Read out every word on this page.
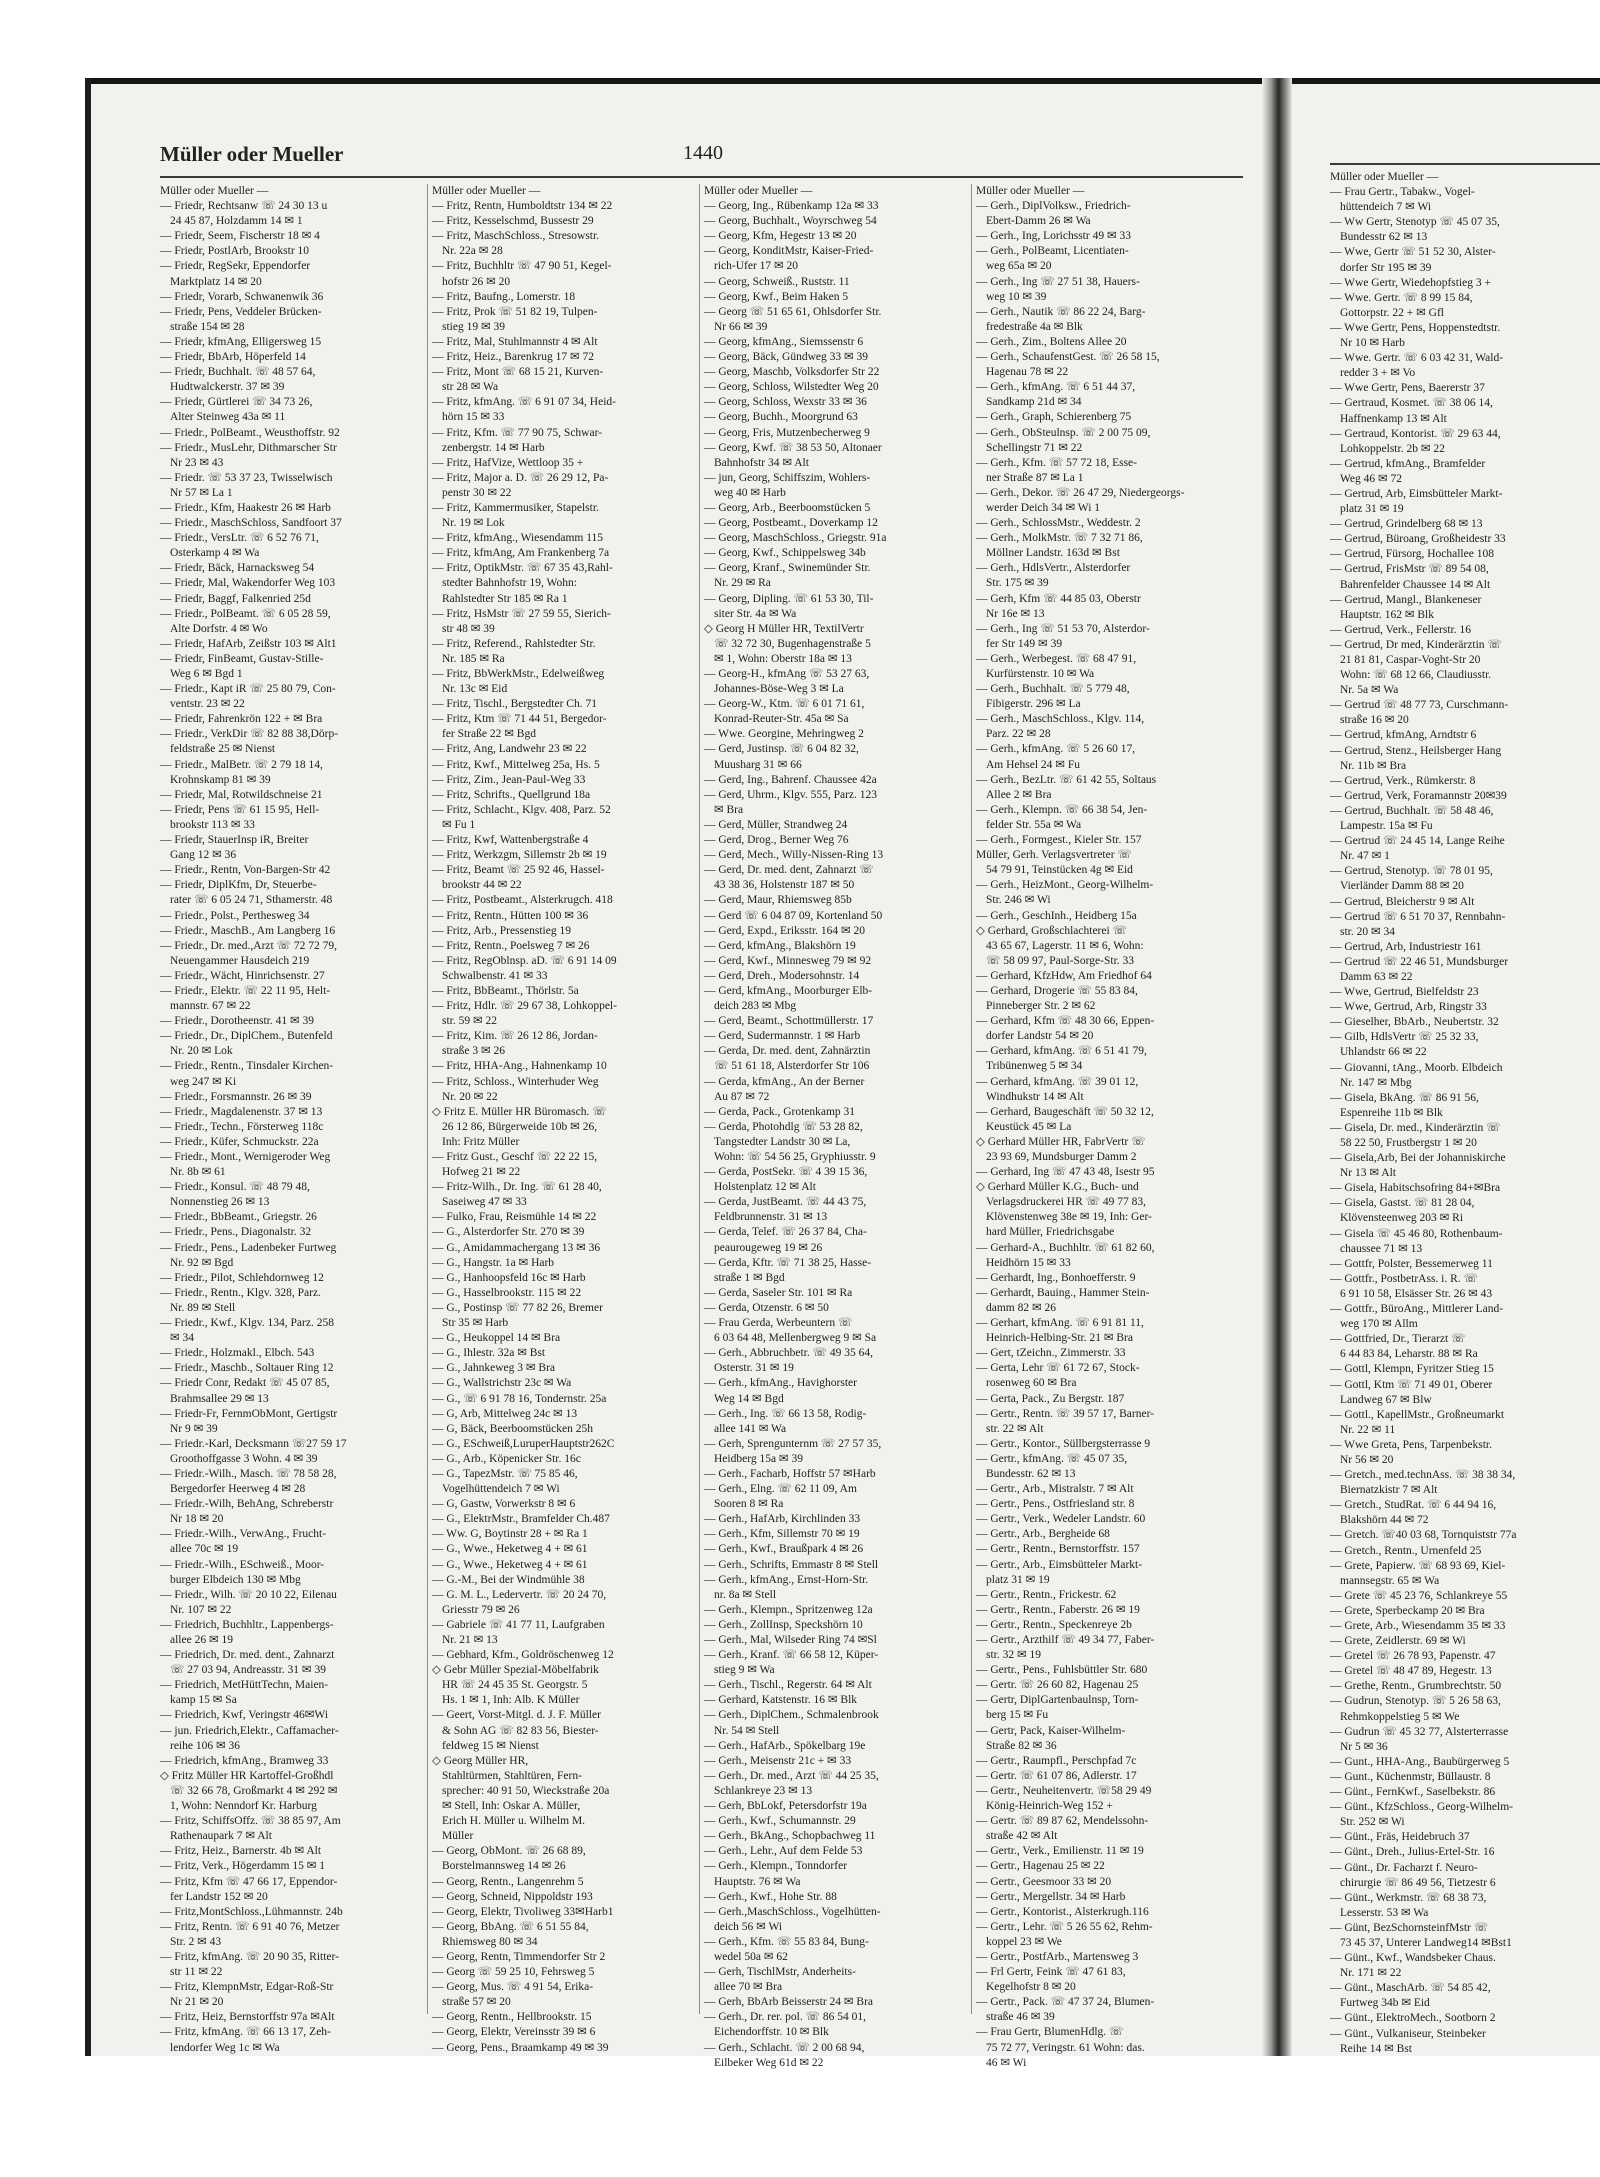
Müller oder Mueller	1440
Müller oder Mueller —
— Friedr, Rechtsanw ☏ 24 30 13 u
24 45 87, Holzdamm 14 ✉ 1
— Friedr, Seem, Fischerstr 18 ✉ 4
— Friedr, PostlArb, Brookstr 10
— Friedr, RegSekr, Eppendorfer
Marktplatz 14 ✉ 20
— Friedr, Vorarb, Schwanenwik 36
— Friedr, Pens, Veddeler Brücken-
straße 154 ✉ 28
— Friedr, kfmAng, Elligersweg 15
— Friedr, BbArb, Höperfeld 14
— Friedr, Buchhalt. ☏ 48 57 64,
Hudtwalckerstr. 37 ✉ 39
— Friedr, Gürtlerei ☏ 34 73 26,
Alter Steinweg 43a ✉ 11
— Friedr., PolBeamt., Weusthoffstr. 92
— Friedr., MusLehr, Dithmarscher Str
Nr 23 ✉ 43
— Friedr. ☏ 53 37 23, Twisselwisch
Nr 57 ✉ La 1
— Friedr., Kfm, Haakestr 26 ✉ Harb
— Friedr., MaschSchloss, Sandfoort 37
— Friedr., VersLtr. ☏ 6 52 76 71,
Osterkamp 4 ✉ Wa
— Friedr, Bäck, Harnacksweg 54
— Friedr, Mal, Wakendorfer Weg 103
— Friedr, Baggf, Falkenried 25d
— Friedr., PolBeamt. ☏ 6 05 28 59,
Alte Dorfstr. 4 ✉ Wo
— Friedr, HafArb, Zeißstr 103 ✉ Alt1
— Friedr, FinBeamt, Gustav-Stille-
Weg 6 ✉ Bgd 1
— Friedr., Kapt iR ☏ 25 80 79, Con-
ventstr. 23 ✉ 22
— Friedr, Fahrenkrön 122 + ✉ Bra
— Friedr., VerkDir ☏ 82 88 38,Dörp-
feldstraße 25 ✉ Nienst
— Friedr., MalBetr. ☏ 2 79 18 14,
Krohnskamp 81 ✉ 39
— Friedr, Mal, Rotwildschneise 21
— Friedr, Pens ☏ 61 15 95, Hell-
brookstr 113 ✉ 33
— Friedr, StauerInsp iR, Breiter
Gang 12 ✉ 36
— Friedr., Rentn, Von-Bargen-Str 42
— Friedr, DiplKfm, Dr, Steuerbe-
rater ☏ 6 05 24 71, Sthamerstr. 48
— Friedr., Polst., Perthesweg 34
— Friedr., MaschB., Am Langberg 16
— Friedr., Dr. med.,Arzt ☏ 72 72 79,
Neuengammer Hausdeich 219
— Friedr., Wächt, Hinrichsenstr. 27
— Friedr., Elektr. ☏ 22 11 95, Helt-
mannstr. 67 ✉ 22
— Friedr., Dorotheenstr. 41 ✉ 39
— Friedr., Dr., DiplChem., Butenfeld
Nr. 20 ✉ Lok
— Friedr., Rentn., Tinsdaler Kirchen-
weg 247 ✉ Ki
— Friedr., Forsmannstr. 26 ✉ 39
— Friedr., Magdalenenstr. 37 ✉ 13
— Friedr., Techn., Försterweg 118c
— Friedr., Küfer, Schmuckstr. 22a
— Friedr., Mont., Wernigeroder Weg
Nr. 8b ✉ 61
— Friedr., Konsul. ☏ 48 79 48,
Nonnenstieg 26 ✉ 13
— Friedr., BbBeamt., Griegstr. 26
— Friedr., Pens., Diagonalstr. 32
— Friedr., Pens., Ladenbeker Furtweg
Nr. 92 ✉ Bgd
— Friedr., Pilot, Schlehdornweg 12
— Friedr., Rentn., Klgv. 328, Parz.
Nr. 89 ✉ Stell
— Friedr., Kwf., Klgv. 134, Parz. 258
✉ 34
— Friedr., Holzmakl., Elbch. 543
— Friedr., Maschb., Soltauer Ring 12
— Friedr Conr, Redakt ☏ 45 07 85,
Brahmsallee 29 ✉ 13
— Friedr-Fr, FernmObMont, Gertigstr
Nr 9 ✉ 39
— Friedr.-Karl, Decksmann ☏27 59 17
Groothoffgasse 3 Wohn. 4 ✉ 39
— Friedr.-Wilh., Masch. ☏ 78 58 28,
Bergedorfer Heerweg 4 ✉ 28
— Friedr.-Wilh, BehAng, Schreberstr
Nr 18 ✉ 20
— Friedr.-Wilh., VerwAng., Frucht-
allee 70c ✉ 19
— Friedr.-Wilh., ESchweiß., Moor-
burger Elbdeich 130 ✉ Mbg
— Friedr., Wilh. ☏ 20 10 22, Eilenau
Nr. 107 ✉ 22
— Friedrich, Buchhltr., Lappenbergs-
allee 26 ✉ 19
— Friedrich, Dr. med. dent., Zahnarzt
☏ 27 03 94, Andreasstr. 31 ✉ 39
— Friedrich, MetHüttTechn, Maien-
kamp 15 ✉ Sa
— Friedrich, Kwf, Veringstr 46✉Wi
— jun. Friedrich,Elektr., Caffamacher-
reihe 106 ✉ 36
— Friedrich, kfmAng., Bramweg 33
◇ Fritz Müller HR Kartoffel-Großhdl
☏ 32 66 78, Großmarkt 4 ✉ 292 ✉
1, Wohn: Nenndorf Kr. Harburg
— Fritz, SchiffsOffz. ☏ 38 85 97, Am
Rathenaupark 7 ✉ Alt
— Fritz, Heiz., Barnerstr. 4b ✉ Alt
— Fritz, Verk., Högerdamm 15 ✉ 1
— Fritz, Kfm ☏ 47 66 17, Eppendor-
fer Landstr 152 ✉ 20
— Fritz,MontSchloss.,Lühmannstr. 24b
— Fritz, Rentn. ☏ 6 91 40 76, Metzer
Str. 2 ✉ 43
— Fritz, kfmAng. ☏ 20 90 35, Ritter-
str 11 ✉ 22
— Fritz, KlempnMstr, Edgar-Roß-Str
Nr 21 ✉ 20
— Fritz, Heiz, Bernstorffstr 97a ✉Alt
— Fritz, kfmAng. ☏ 66 13 17, Zeh-
lendorfer Weg 1c ✉ Wa
Müller oder Mueller —
— Fritz, Rentn, Humboldtstr 134 ✉ 22
— Fritz, Kesselschmd, Bussestr 29
— Fritz, MaschSchloss., Stresowstr.
Nr. 22a ✉ 28
— Fritz, Buchhltr ☏ 47 90 51, Kegel-
hofstr 26 ✉ 20
— Fritz, Baufng., Lomerstr. 18
— Fritz, Prok ☏ 51 82 19, Tulpen-
stieg 19 ✉ 39
— Fritz, Mal, Stuhlmannstr 4 ✉ Alt
— Fritz, Heiz., Barenkrug 17 ✉ 72
— Fritz, Mont ☏ 68 15 21, Kurven-
str 28 ✉ Wa
— Fritz, kfmAng. ☏ 6 91 07 34, Heid-
hörn 15 ✉ 33
— Fritz, Kfm. ☏ 77 90 75, Schwar-
zenbergstr. 14 ✉ Harb
— Fritz, HafVize, Wettloop 35 +
— Fritz, Major a. D. ☏ 26 29 12, Pa-
penstr 30 ✉ 22
— Fritz, Kammermusiker, Stapelstr.
Nr. 19 ✉ Lok
— Fritz, kfmAng., Wiesendamm 115
— Fritz, kfmAng, Am Frankenberg 7a
— Fritz, OptikMstr. ☏ 67 35 43,Rahl-
stedter Bahnhofstr 19, Wohn:
Rahlstedter Str 185 ✉ Ra 1
— Fritz, HsMstr ☏ 27 59 55, Sierich-
str 48 ✉ 39
— Fritz, Referend., Rahlstedter Str.
Nr. 185 ✉ Ra
— Fritz, BbWerkMstr., Edelweißweg
Nr. 13c ✉ Eid
— Fritz, Tischl., Bergstedter Ch. 71
— Fritz, Ktm ☏ 71 44 51, Bergedor-
fer Straße 22 ✉ Bgd
— Fritz, Ang, Landwehr 23 ✉ 22
— Fritz, Kwf., Mittelweg 25a, Hs. 5
— Fritz, Zim., Jean-Paul-Weg 33
— Fritz, Schrifts., Quellgrund 18a
— Fritz, Schlacht., Klgv. 408, Parz. 52
✉ Fu 1
— Fritz, Kwf, Wattenbergstraße 4
— Fritz, Werkzgm, Sillemstr 2b ✉ 19
— Fritz, Beamt ☏ 25 92 46, Hassel-
brookstr 44 ✉ 22
— Fritz, Postbeamt., Alsterkrugch. 418
— Fritz, Rentn., Hütten 100 ✉ 36
— Fritz, Arb., Pressenstieg 19
— Fritz, Rentn., Poelsweg 7 ✉ 26
— Fritz, RegOblnsp. aD. ☏ 6 91 14 09
Schwalbenstr. 41 ✉ 33
— Fritz, BbBeamt., Thörlstr. 5a
— Fritz, Hdlr. ☏ 29 67 38, Lohkoppel-
str. 59 ✉ 22
— Fritz, Kim. ☏ 26 12 86, Jordan-
straße 3 ✉ 26
— Fritz, HHA-Ang., Hahnenkamp 10
— Fritz, Schloss., Winterhuder Weg
Nr. 20 ✉ 22
◇ Fritz E. Müller HR Büromasch. ☏
26 12 86, Bürgerweide 10b ✉ 26,
Inh: Fritz Müller
— Fritz Gust., Geschf ☏ 22 22 15,
Hofweg 21 ✉ 22
— Fritz-Wilh., Dr. Ing. ☏ 61 28 40,
Saseiweg 47 ✉ 33
— Fulko, Frau, Reismühle 14 ✉ 22
— G., Alsterdorfer Str. 270 ✉ 39
— G., Amidammachergang 13 ✉ 36
— G., Hangstr. 1a ✉ Harb
— G., Hanhoopsfeld 16c ✉ Harb
— G., Hasselbrookstr. 115 ✉ 22
— G., Postinsp ☏ 77 82 26, Bremer
Str 35 ✉ Harb
— G., Heukoppel 14 ✉ Bra
— G., Ihlestr. 32a ✉ Bst
— G., Jahnkeweg 3 ✉ Bra
— G., Wallstrichstr 23c ✉ Wa
— G., ☏ 6 91 78 16, Tondernstr. 25a
— G, Arb, Mittelweg 24c ✉ 13
— G, Bäck, Beerboomstücken 25h
— G., ESchweiß,LuruperHauptstr262C
— G., Arb., Köpenicker Str. 16c
— G., TapezMstr. ☏ 75 85 46,
Vogelhüttendeich 7 ✉ Wi
— G, Gastw, Vorwerkstr 8 ✉ 6
— G., ElektrMstr., Bramfelder Ch.487
— Ww. G, Boytinstr 28 + ✉ Ra 1
— G., Wwe., Heketweg 4 + ✉ 61
— G., Wwe., Heketweg 4 + ✉ 61
— G.-M., Bei der Windmühle 38
— G. M. L., Ledervertr. ☏ 20 24 70,
Griesstr 79 ✉ 26
— Gabriele ☏ 41 77 11, Laufgraben
Nr. 21 ✉ 13
— Gebhard, Kfm., Goldröschenweg 12
◇ Gebr Müller Spezial-Möbelfabrik
HR ☏ 24 45 35 St. Georgstr. 5
Hs. 1 ✉ 1, Inh: Alb. K Müller
— Geert, Vorst-Mitgl. d. J. F. Müller
& Sohn AG ☏ 82 83 56, Biester-
feldweg 15 ✉ Nienst
◇ Georg Müller HR,
Stahltürmen, Stahltüren, Fern-
sprecher: 40 91 50, Wieckstraße 20a
✉ Stell, Inh: Oskar A. Müller,
Erich H. Müller u. Wilhelm M.
Müller
— Georg, ObMont. ☏ 26 68 89,
Borstelmannsweg 14 ✉ 26
— Georg, Rentn., Langenrehm 5
— Georg, Schneid, Nippoldstr 193
— Georg, Elektr, Tivoliweg 33✉Harb1
— Georg, BbAng. ☏ 6 51 55 84,
Rhiemsweg 80 ✉ 34
— Georg, Rentn, Timmendorfer Str 2
— Georg ☏ 59 25 10, Fehrsweg 5
— Georg, Mus. ☏ 4 91 54, Erika-
straße 57 ✉ 20
— Georg, Rentn., Hellbrookstr. 15
— Georg, Elektr, Vereinsstr 39 ✉ 6
— Georg, Pens., Braamkamp 49 ✉ 39
Müller oder Mueller —
— Georg, Ing., Rübenkamp 12a ✉ 33
— Georg, Buchhalt., Woyrschweg 54
— Georg, Kfm, Hegestr 13 ✉ 20
— Georg, KonditMstr, Kaiser-Fried-
rich-Ufer 17 ✉ 20
— Georg, Schweiß., Ruststr. 11
— Georg, Kwf., Beim Haken 5
— Georg ☏ 51 65 61, Ohlsdorfer Str.
Nr 66 ✉ 39
— Georg, kfmAng., Siemssenstr 6
— Georg, Bäck, Gündweg 33 ✉ 39
— Georg, Maschb, Volksdorfer Str 22
— Georg, Schloss, Wilstedter Weg 20
— Georg, Schloss, Wexstr 33 ✉ 36
— Georg, Buchh., Moorgrund 63
— Georg, Fris, Mutzenbecherweg 9
— Georg, Kwf. ☏ 38 53 50, Altonaer
Bahnhofstr 34 ✉ Alt
— jun, Georg, Schiffszim, Wohlers-
weg 40 ✉ Harb
— Georg, Arb., Beerboomstücken 5
— Georg, Postbeamt., Doverkamp 12
— Georg, MaschSchloss., Griegstr. 91a
— Georg, Kwf., Schippelsweg 34b
— Georg, Kranf., Swinemünder Str.
Nr. 29 ✉ Ra
— Georg, Dipling. ☏ 61 53 30, Til-
siter Str. 4a ✉ Wa
◇ Georg H Müller HR, TextilVertr
☏ 32 72 30, Bugenhagenstraße 5
✉ 1, Wohn: Oberstr 18a ✉ 13
— Georg-H., kfmAng ☏ 53 27 63,
Johannes-Böse-Weg 3 ✉ La
— Georg-W., Ktm. ☏ 6 01 71 61,
Konrad-Reuter-Str. 45a ✉ Sa
— Wwe. Georgine, Mehringweg 2
— Gerd, Justinsp. ☏ 6 04 82 32,
Muusharg 31 ✉ 66
— Gerd, Ing., Bahrenf. Chaussee 42a
— Gerd, Uhrm., Klgv. 555, Parz. 123
✉ Bra
— Gerd, Müller, Strandweg 24
— Gerd, Drog., Berner Weg 76
— Gerd, Mech., Willy-Nissen-Ring 13
— Gerd, Dr. med. dent, Zahnarzt ☏
43 38 36, Holstenstr 187 ✉ 50
— Gerd, Maur, Rhiemsweg 85b
— Gerd ☏ 6 04 87 09, Kortenland 50
— Gerd, Expd., Eriksstr. 164 ✉ 20
— Gerd, kfmAng., Blakshörn 19
— Gerd, Kwf., Minnesweg 79 ✉ 92
— Gerd, Dreh., Modersohnstr. 14
— Gerd, kfmAng., Moorburger Elb-
deich 283 ✉ Mbg
— Gerd, Beamt., Schottmüllerstr. 17
— Gerd, Sudermannstr. 1 ✉ Harb
— Gerda, Dr. med. dent, Zahnärztin
☏ 51 61 18, Alsterdorfer Str 106
— Gerda, kfmAng., An der Berner
Au 87 ✉ 72
— Gerda, Pack., Grotenkamp 31
— Gerda, Photohdlg ☏ 53 28 82,
Tangstedter Landstr 30 ✉ La,
Wohn: ☏ 54 56 25, Gryphiusstr. 9
— Gerda, PostSekr. ☏ 4 39 15 36,
Holstenplatz 12 ✉ Alt
— Gerda, JustBeamt. ☏ 44 43 75,
Feldbrunnenstr. 31 ✉ 13
— Gerda, Telef. ☏ 26 37 84, Cha-
peaurougeweg 19 ✉ 26
— Gerda, Kftr. ☏ 71 38 25, Hasse-
straße 1 ✉ Bgd
— Gerda, Saseler Str. 101 ✉ Ra
— Gerda, Otzenstr. 6 ✉ 50
— Frau Gerda, Werbeuntern ☏
6 03 64 48, Mellenbergweg 9 ✉ Sa
— Gerh., Abbruchbetr. ☏ 49 35 64,
Osterstr. 31 ✉ 19
— Gerh., kfmAng., Havighorster
Weg 14 ✉ Bgd
— Gerh., Ing. ☏ 66 13 58, Rodig-
allee 141 ✉ Wa
— Gerh, Sprengunternm ☏ 27 57 35,
Heidberg 15a ✉ 39
— Gerh., Facharb, Hoffstr 57 ✉Harb
— Gerh., Elng. ☏ 62 11 09, Am
Sooren 8 ✉ Ra
— Gerh., HafArb, Kirchlinden 33
— Gerh., Kfm, Sillemstr 70 ✉ 19
— Gerh., Kwf., Braußpark 4 ✉ 26
— Gerh., Schrifts, Emmastr 8 ✉ Stell
— Gerh., kfmAng., Ernst-Horn-Str.
nr. 8a ✉ Stell
— Gerh., Klempn., Spritzenweg 12a
— Gerh., ZollInsp, Speckshörn 10
— Gerh., Mal, Wilseder Ring 74 ✉Sl
— Gerh., Kranf. ☏ 66 58 12, Küper-
stieg 9 ✉ Wa
— Gerh., Tischl., Regerstr. 64 ✉ Alt
— Gerhard, Katstenstr. 16 ✉ Blk
— Gerh., DiplChem., Schmalenbrook
Nr. 54 ✉ Stell
— Gerh., HafArb., Spökelbarg 19e
— Gerh., Meisenstr 21c + ✉ 33
— Gerh., Dr. med., Arzt ☏ 44 25 35,
Schlankreye 23 ✉ 13
— Gerh, BbLokf, Petersdorfstr 19a
— Gerh., Kwf., Schumannstr. 29
— Gerh., BkAng., Schopbachweg 11
— Gerh., Lehr., Auf dem Felde 53
— Gerh., Klempn., Tonndorfer
Hauptstr. 76 ✉ Wa
— Gerh., Kwf., Hohe Str. 88
— Gerh.,MaschSchloss., Vogelhütten-
deich 56 ✉ Wi
— Gerh., Kfm. ☏ 55 83 84, Bung-
wedel 50a ✉ 62
— Gerh, TischlMstr, Anderheits-
allee 70 ✉ Bra
— Gerh, BbArb Beisserstr 24 ✉ Bra
— Gerh., Dr. rer. pol. ☏ 86 54 01,
Eichendorffstr. 10 ✉ Blk
— Gerh., Schlacht. ☏ 2 00 68 94,
Eilbeker Weg 61d ✉ 22
Müller oder Mueller —
— Gerh., DiplVolksw., Friedrich-
Ebert-Damm 26 ✉ Wa
— Gerh., Ing, Lorichsstr 49 ✉ 33
— Gerh., PolBeamt, Licentiaten-
weg 65a ✉ 20
— Gerh., Ing ☏ 27 51 38, Hauers-
weg 10 ✉ 39
— Gerh., Nautik ☏ 86 22 24, Barg-
fredestraße 4a ✉ Blk
— Gerh., Zim., Boltens Allee 20
— Gerh., SchaufenstGest. ☏ 26 58 15,
Hagenau 78 ✉ 22
— Gerh., kfmAng. ☏ 6 51 44 37,
Sandkamp 21d ✉ 34
— Gerh., Graph, Schierenberg 75
— Gerh., ObSteulnsp. ☏ 2 00 75 09,
Schellingstr 71 ✉ 22
— Gerh., Kfm. ☏ 57 72 18, Esse-
ner Straße 87 ✉ La 1
— Gerh., Dekor. ☏ 26 47 29, Niedergeorgs-
werder Deich 34 ✉ Wi 1
— Gerh., SchlossMstr., Weddestr. 2
— Gerh., MolkMstr. ☏ 7 32 71 86,
Möllner Landstr. 163d ✉ Bst
— Gerh., HdlsVertr., Alsterdorfer
Str. 175 ✉ 39
— Gerh, Kfm ☏ 44 85 03, Oberstr
Nr 16e ✉ 13
— Gerh., Ing ☏ 51 53 70, Alsterdor-
fer Str 149 ✉ 39
— Gerh., Werbegest. ☏ 68 47 91,
Kurfürstenstr. 10 ✉ Wa
— Gerh., Buchhalt. ☏ 5 779 48,
Fibigerstr. 296 ✉ La
— Gerh., MaschSchloss., Klgv. 114,
Parz. 22 ✉ 28
— Gerh., kfmAng. ☏ 5 26 60 17,
Am Hehsel 24 ✉ Fu
— Gerh., BezLtr. ☏ 61 42 55, Soltaus
Allee 2 ✉ Bra
— Gerh., Klempn. ☏ 66 38 54, Jen-
felder Str. 55a ✉ Wa
— Gerh., Formgest., Kieler Str. 157
Müller, Gerh. Verlagsvertreter ☏
54 79 91, Teinstücken 4g ✉ Eid
— Gerh., HeizMont., Georg-Wilhelm-
Str. 246 ✉ Wi
— Gerh., GeschInh., Heidberg 15a
◇ Gerhard, Großschlachterei ☏
43 65 67, Lagerstr. 11 ✉ 6, Wohn:
☏ 58 09 97, Paul-Sorge-Str. 33
— Gerhard, KfzHdw, Am Friedhof 64
— Gerhard, Drogerie ☏ 55 83 84,
Pinneberger Str. 2 ✉ 62
— Gerhard, Kfm ☏ 48 30 66, Eppen-
dorfer Landstr 54 ✉ 20
— Gerhard, kfmAng. ☏ 6 51 41 79,
Tribünenweg 5 ✉ 34
— Gerhard, kfmAng. ☏ 39 01 12,
Windhukstr 14 ✉ Alt
— Gerhard, Baugeschäft ☏ 50 32 12,
Keustück 45 ✉ La
◇ Gerhard Müller HR, FabrVertr ☏
23 93 69, Mundsburger Damm 2
— Gerhard, Ing ☏ 47 43 48, Isestr 95
◇ Gerhard Müller K.G., Buch- und
Verlagsdruckerei HR ☏ 49 77 83,
Klövenstenweg 38e ✉ 19, Inh: Ger-
hard Müller, Friedrichsgabe
— Gerhard-A., Buchhltr. ☏ 61 82 60,
Heidhörn 15 ✉ 33
— Gerhardt, Ing., Bonhoefferstr. 9
— Gerhardt, Bauing., Hammer Stein-
damm 82 ✉ 26
— Gerhart, kfmAng. ☏ 6 91 81 11,
Heinrich-Helbing-Str. 21 ✉ Bra
— Gert, tZeichn., Zimmerstr. 33
— Gerta, Lehr ☏ 61 72 67, Stock-
rosenweg 60 ✉ Bra
— Gerta, Pack., Zu Bergstr. 187
— Gertr., Rentn. ☏ 39 57 17, Barner-
str. 22 ✉ Alt
— Gertr., Kontor., Süllbergsterrasse 9
— Gertr., kfmAng. ☏ 45 07 35,
Bundesstr. 62 ✉ 13
— Gertr., Arb., Mistralstr. 7 ✉ Alt
— Gertr., Pens., Ostfriesland str. 8
— Gertr., Verk., Wedeler Landstr. 60
— Gertr., Arb., Bergheide 68
— Gertr., Rentn., Bernstorffstr. 157
— Gertr., Arb., Eimsbütteler Markt-
platz 31 ✉ 19
— Gertr., Rentn., Frickestr. 62
— Gertr., Rentn., Faberstr. 26 ✉ 19
— Gertr., Rentn., Speckenreye 2b
— Gertr., Arzthilf ☏ 49 34 77, Faber-
str. 32 ✉ 19
— Gertr., Pens., Fuhlsbüttler Str. 680
— Gertr. ☏ 26 60 82, Hagenau 25
— Gertr, DiplGartenbaulnsp, Torn-
berg 15 ✉ Fu
— Gertr, Pack, Kaiser-Wilhelm-
Straße 82 ✉ 36
— Gertr., Raumpfl., Perschpfad 7c
— Gertr. ☏ 61 07 86, Adlerstr. 17
— Gertr., Neuheitenvertr. ☏58 29 49
König-Heinrich-Weg 152 +
— Gertr. ☏ 89 87 62, Mendelssohn-
straße 42 ✉ Alt
— Gertr., Verk., Emilienstr. 11 ✉ 19
— Gertr., Hagenau 25 ✉ 22
— Gertr., Geesmoor 33 ✉ 20
— Gertr., Mergellstr. 34 ✉ Harb
— Gertr., Kontorist., Alsterkrugh.116
— Gertr., Lehr. ☏ 5 26 55 62, Rehm-
koppel 23 ✉ We
— Gertr., PostfArb., Martensweg 3
— Frl Gertr, Feink ☏ 47 61 83,
Kegelhofstr 8 ✉ 20
— Gertr., Pack. ☏ 47 37 24, Blumen-
straße 46 ✉ 39
— Frau Gertr, BlumenHdlg. ☏
75 72 77, Veringstr. 61 Wohn: das.
46 ✉ Wi
Müller oder Mueller —
— Frau Gertr., Tabakw., Vogel-
hüttendeich 7 ✉ Wi
— Ww Gertr, Stenotyp ☏ 45 07 35,
Bundesstr 62 ✉ 13
— Wwe, Gertr ☏ 51 52 30, Alster-
dorfer Str 195 ✉ 39
— Wwe Gertr, Wiedehopfstieg 3 +
— Wwe. Gertr. ☏ 8 99 15 84,
Gottorpstr. 22 + ✉ Gfl
— Wwe Gertr, Pens, Hoppenstedtstr.
Nr 10 ✉ Harb
— Wwe. Gertr. ☏ 6 03 42 31, Wald-
redder 3 + ✉ Vo
— Wwe Gertr, Pens, Baererstr 37
— Gertraud, Kosmet. ☏ 38 06 14,
Haffnenkamp 13 ✉ Alt
— Gertraud, Kontorist. ☏ 29 63 44,
Lohkoppelstr. 2b ✉ 22
— Gertrud, kfmAng., Bramfelder
Weg 46 ✉ 72
— Gertrud, Arb, Eimsbütteler Markt-
platz 31 ✉ 19
— Gertrud, Grindelberg 68 ✉ 13
— Gertrud, Büroang, Großheidestr 33
— Gertrud, Fürsorg, Hochallee 108
— Gertrud, FrisMstr ☏ 89 54 08,
Bahrenfelder Chaussee 14 ✉ Alt
— Gertrud, Mangl., Blankeneser
Hauptstr. 162 ✉ Blk
— Gertrud, Verk., Fellerstr. 16
— Gertrud, Dr med, Kinderärztin ☏
21 81 81, Caspar-Voght-Str 20
Wohn: ☏ 68 12 66, Claudiusstr.
Nr. 5a ✉ Wa
— Gertrud ☏ 48 77 73, Curschmann-
straße 16 ✉ 20
— Gertrud, kfmAng, Arndtstr 6
— Gertrud, Stenz., Heilsberger Hang
Nr. 11b ✉ Bra
— Gertrud, Verk., Rümkerstr. 8
— Gertrud, Verk, Foramannstr 20✉39
— Gertrud, Buchhalt. ☏ 58 48 46,
Lampestr. 15a ✉ Fu
— Gertrud ☏ 24 45 14, Lange Reihe
Nr. 47 ✉ 1
— Gertrud, Stenotyp. ☏ 78 01 95,
Vierländer Damm 88 ✉ 20
— Gertrud, Bleicherstr 9 ✉ Alt
— Gertrud ☏ 6 51 70 37, Rennbahn-
str. 20 ✉ 34
— Gertrud, Arb, Industriestr 161
— Gertrud ☏ 22 46 51, Mundsburger
Damm 63 ✉ 22
— Wwe, Gertrud, Bielfeldstr 23
— Wwe, Gertrud, Arb, Ringstr 33
— Gieselher, BbArb., Neubertstr. 32
— Gilb, HdlsVertr ☏ 25 32 33,
Uhlandstr 66 ✉ 22
— Giovanni, tAng., Moorb. Elbdeich
Nr. 147 ✉ Mbg
— Gisela, BkAng. ☏ 86 91 56,
Espenreihe 11b ✉ Blk
— Gisela, Dr. med., Kinderärztin ☏
58 22 50, Frustbergstr 1 ✉ 20
— Gisela,Arb, Bei der Johanniskirche
Nr 13 ✉ Alt
— Gisela, Habitschsofring 84+✉Bra
— Gisela, Gastst. ☏ 81 28 04,
Klövensteenweg 203 ✉ Ri
— Gisela ☏ 45 46 80, Rothenbaum-
chaussee 71 ✉ 13
— Gottfr, Polster, Bessemerweg 11
— Gottfr., PostbetrAss. i. R. ☏
6 91 10 58, Elsässer Str. 26 ✉ 43
— Gottfr., BüroAng., Mittlerer Land-
weg 170 ✉ Allm
— Gottfried, Dr., Tierarzt ☏
6 44 83 84, Leharstr. 88 ✉ Ra
— Gottl, Klempn, Fyritzer Stieg 15
— Gottl, Ktm ☏ 71 49 01, Oberer
Landweg 67 ✉ Blw
— Gottl., KapellMstr., Großneumarkt
Nr. 22 ✉ 11
— Wwe Greta, Pens, Tarpenbekstr.
Nr 56 ✉ 20
— Gretch., med.technAss. ☏ 38 38 34,
Biernatzkistr 7 ✉ Alt
— Gretch., StudRat. ☏ 6 44 94 16,
Blakshörn 44 ✉ 72
— Gretch. ☏40 03 68, Tornquiststr 77a
— Gretch., Rentn., Urnenfeld 25
— Grete, Papierw. ☏ 68 93 69, Kiel-
mannsegstr. 65 ✉ Wa
— Grete ☏ 45 23 76, Schlankreye 55
— Grete, Sperbeckamp 20 ✉ Bra
— Grete, Arb., Wiesendamm 35 ✉ 33
— Grete, Zeidlerstr. 69 ✉ Wi
— Gretel ☏ 26 78 93, Papenstr. 47
— Gretel ☏ 48 47 89, Hegestr. 13
— Grethe, Rentn., Grumbrechtstr. 50
— Gudrun, Stenotyp. ☏ 5 26 58 63,
Rehmkoppelstieg 5 ✉ We
— Gudrun ☏ 45 32 77, Alsterterrasse
Nr 5 ✉ 36
— Gunt., HHA-Ang., Baubürgerweg 5
— Gunt., Küchenmstr, Büllaustr. 8
— Günt., FernKwf., Saselbekstr. 86
— Günt., KfzSchloss., Georg-Wilhelm-
Str. 252 ✉ Wi
— Günt., Fräs, Heidebruch 37
— Günt., Dreh., Julius-Ertel-Str. 16
— Günt., Dr. Facharzt f. Neuro-
chirurgie ☏ 86 49 56, Tietzestr 6
— Günt., Werkmstr. ☏ 68 38 73,
Lesserstr. 53 ✉ Wa
— Günt, BezSchornsteinfMstr ☏
73 45 37, Unterer Landweg14 ✉Bst1
— Günt., Kwf., Wandsbeker Chaus.
Nr. 171 ✉ 22
— Günt., MaschArb. ☏ 54 85 42,
Furtweg 34b ✉ Eid
— Günt., ElektroMech., Sootborn 2
— Günt., Vulkaniseur, Steinbeker
Reihe 14 ✉ Bst
